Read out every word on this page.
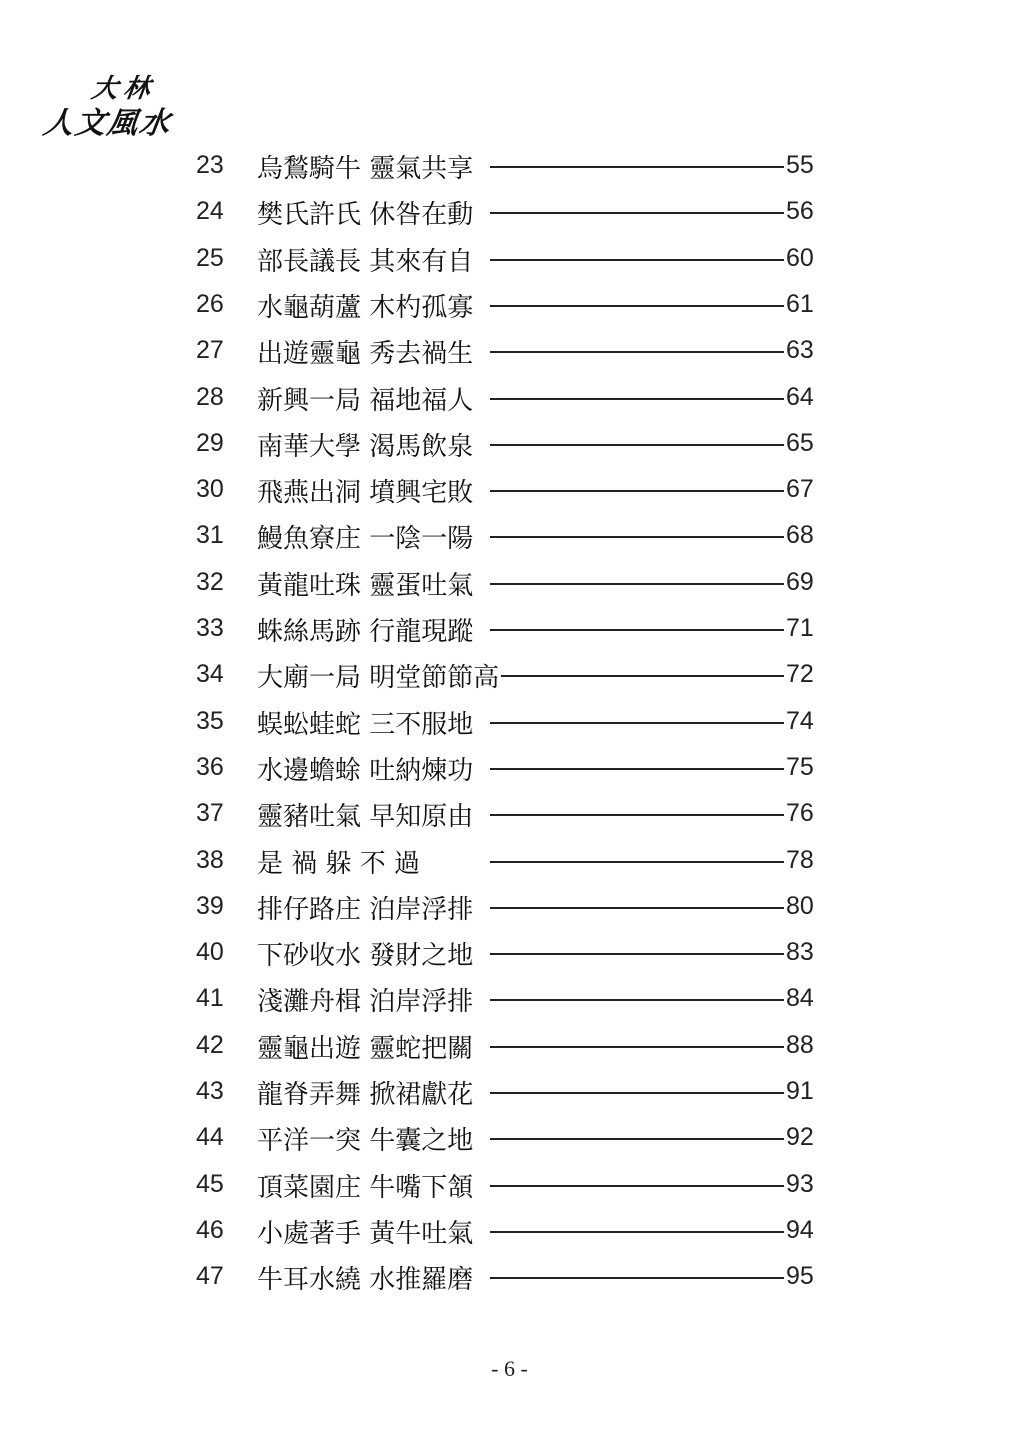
大林
人文風水
23	烏鶖騎牛 靈氣共享	55
24	樊氏許氏 休咎在動	56
25	部長議長 其來有自	60
26	水龜葫蘆 木杓孤寡	61
27	出遊靈龜 秀去禍生	63
28	新興一局 福地福人	64
29	南華大學 渴馬飲泉	65
30	飛燕出洞 墳興宅敗	67
31	鰻魚寮庄 一陰一陽	68
32	黃龍吐珠 靈蛋吐氣	69
33	蛛絲馬跡 行龍現蹤	71
34	大廟一局 明堂節節高	72
35	蜈蚣蛙蛇 三不服地	74
36	水邊蟾蜍 吐納煉功	75
37	靈豬吐氣 早知原由	76
38	是 禍 躲 不 過	78
39	排仔路庄 泊岸浮排	80
40	下砂收水 發財之地	83
41	淺灘舟楫 泊岸浮排	84
42	靈龜出遊 靈蛇把關	88
43	龍脊弄舞 掀裙獻花	91
44	平洋一突 牛囊之地	92
45	頂菜園庄 牛嘴下頷	93
46	小處著手 黃牛吐氣	94
47	牛耳水繞 水推羅磨	95
- 6 -
